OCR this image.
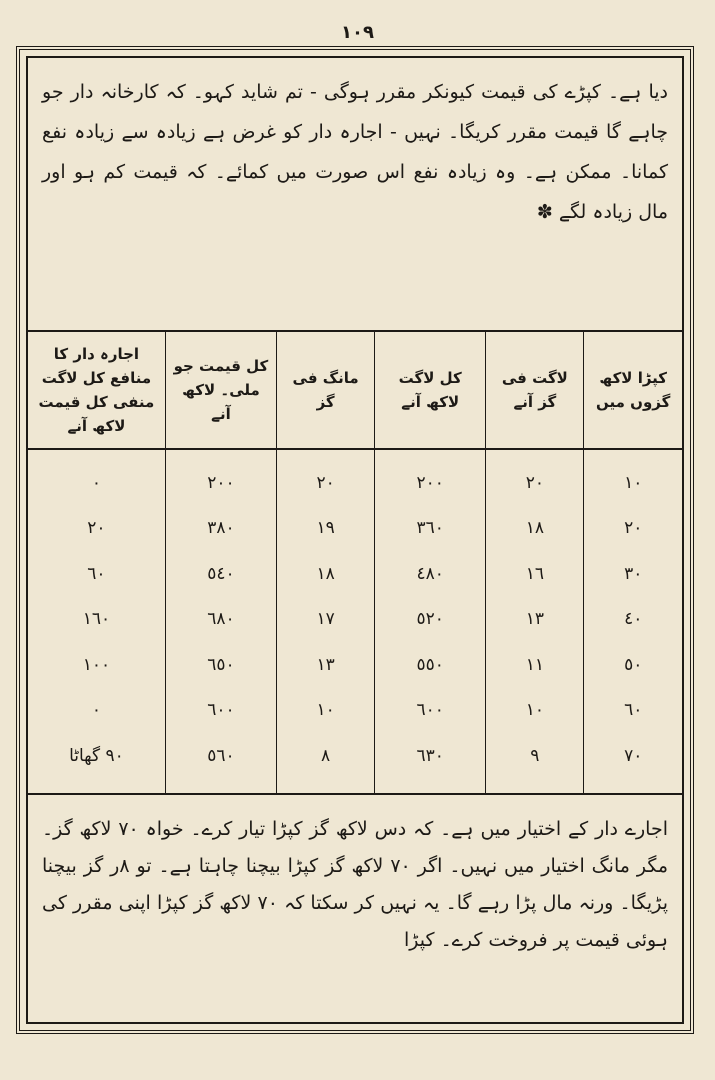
١٠٩
دیا ہے۔ کپڑے کی قیمت کیونکر مقرر ہوگی - تم شاید کہو۔ کہ کارخانہ دار جو چاہے گا قیمت مقرر کریگا۔ نہیں - اجارہ دار کو غرض ہے زیادہ سے زیادہ نفع کمانا۔ ممکن ہے۔ وہ زیادہ نفع اس صورت میں کمائے۔ کہ قیمت کم ہو اور مال زیادہ لگے ✽
کپڑا لاکھ گزوں میں	لاگت فی گز آنے	کل لاگت لاکھ آنے	مانگ فی گز	کل قیمت جو ملی۔ لاکھ آنے	اجارہ دار کا منافع کل لاگت منفی کل قیمت لاکھ آنے
١٠	٢٠	٢٠٠	٢٠	٢٠٠	٠
٢٠	١٨	٣٦٠	١٩	٣٨٠	٢٠
٣٠	١٦	٤٨٠	١٨	٥٤٠	٦٠
٤٠	١٣	٥٢٠	١٧	٦٨٠	١٦٠
٥٠	١١	٥٥٠	١٣	٦٥٠	١٠٠
٦٠	١٠	٦٠٠	١٠	٦٠٠	٠
٧٠	٩	٦٣٠	٨	٥٦٠	٩٠ گھاٹا
اجارے دار کے اختیار میں ہے۔ کہ دس لاکھ گز کپڑا تیار کرے۔ خواہ ٧٠ لاکھ گز۔ مگر مانگ اختیار میں نہیں۔ اگر ٧٠ لاکھ گز کپڑا بیچنا چاہتا ہے۔ تو ٨ر گز بیچنا پڑیگا۔ ورنہ مال پڑا رہے گا۔ یہ نہیں کر سکتا کہ ٧٠ لاکھ گز کپڑا اپنی مقرر کی ہوئی قیمت پر فروخت کرے۔ کپڑا
